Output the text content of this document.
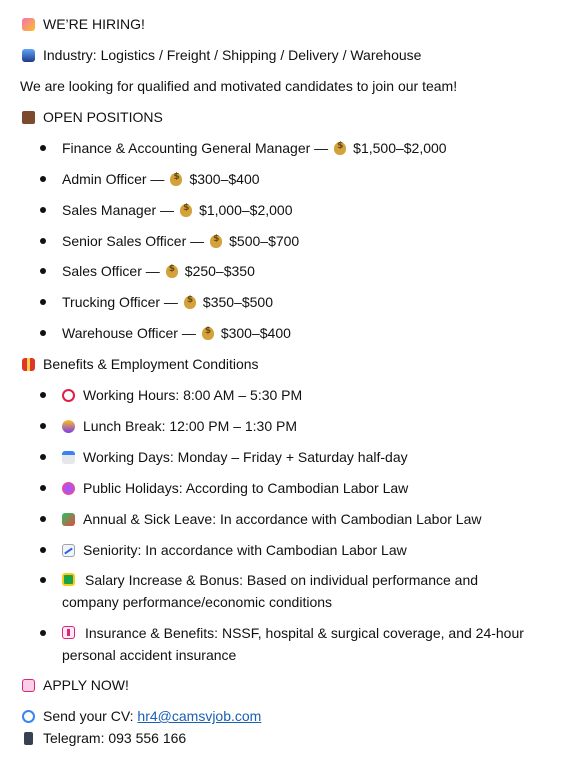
WE’RE HIRING!
Industry: Logistics / Freight / Shipping / Delivery / Warehouse
We are looking for qualified and motivated candidates to join our team!
OPEN POSITIONS
Finance & Accounting General Manager — $ $1,500–$2,000
Admin Officer — $ $300–$400
Sales Manager — $ $1,000–$2,000
Senior Sales Officer — $ $500–$700
Sales Officer — $ $250–$350
Trucking Officer — $ $350–$500
Warehouse Officer — $ $300–$400
Benefits & Employment Conditions
Working Hours: 8:00 AM – 5:30 PM
Lunch Break: 12:00 PM – 1:30 PM
Working Days: Monday – Friday + Saturday half-day
Public Holidays: According to Cambodian Labor Law
Annual & Sick Leave: In accordance with Cambodian Labor Law
Seniority: In accordance with Cambodian Labor Law
Salary Increase & Bonus: Based on individual performance and company performance/economic conditions
Insurance & Benefits: NSSF, hospital & surgical coverage, and 24-hour personal accident insurance
APPLY NOW!
Send your CV:
hr4@camsvjob.com
Telegram: 093 556 166
